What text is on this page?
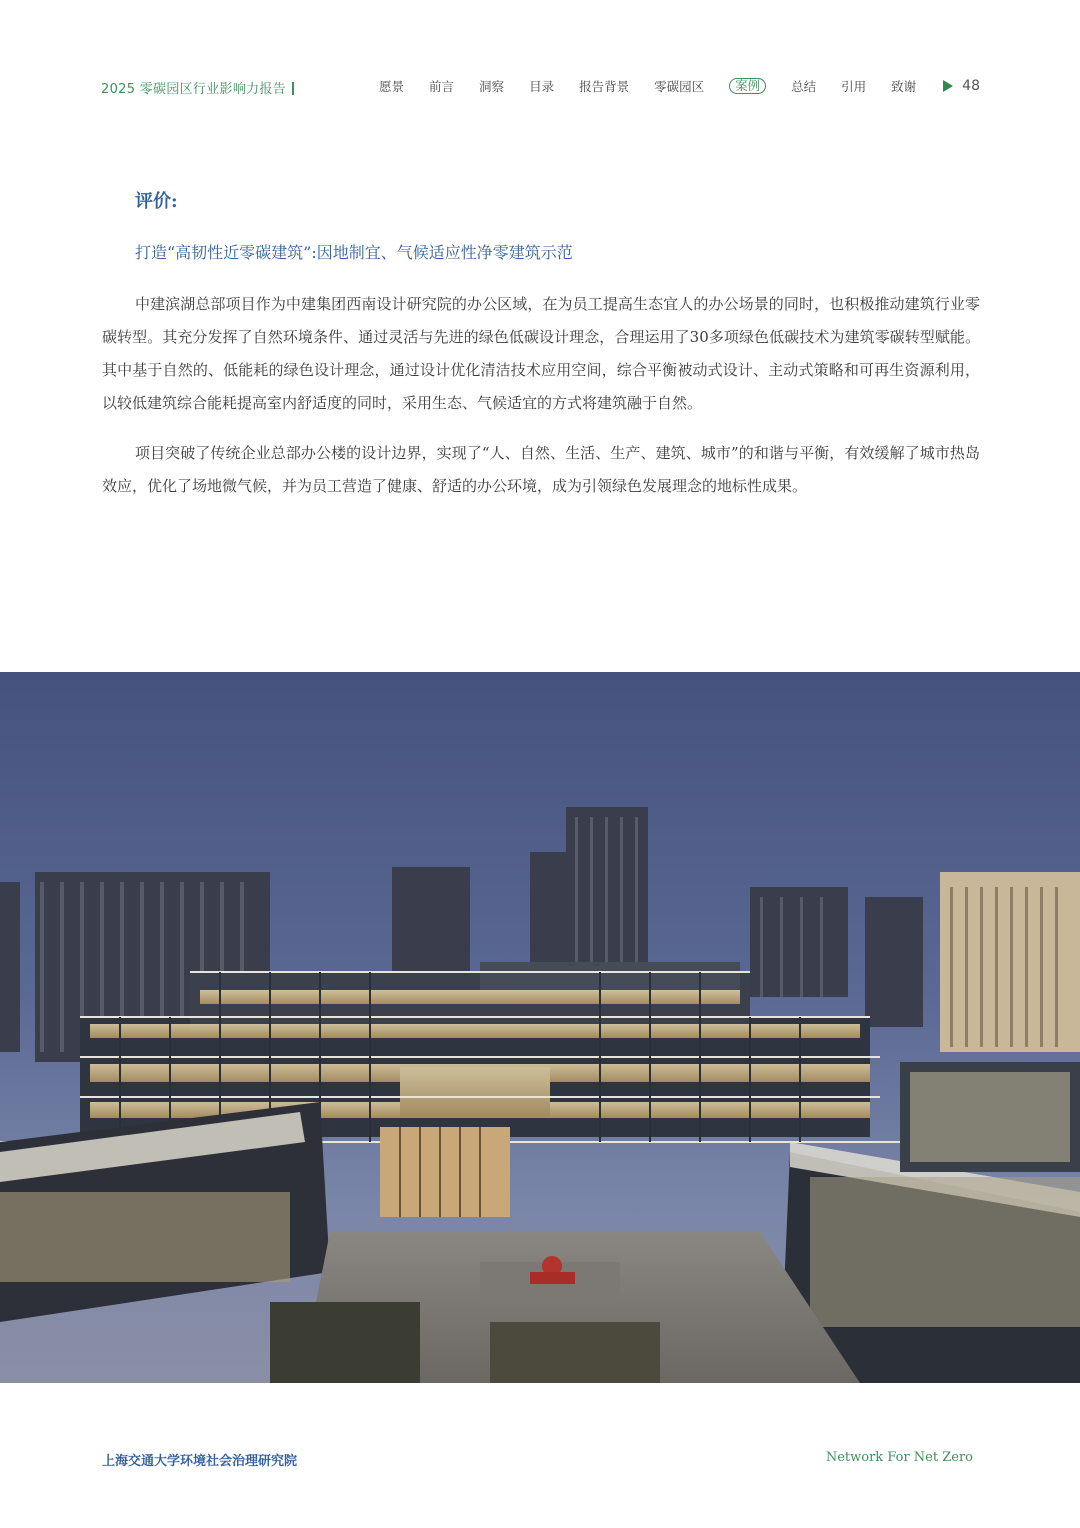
2025 零碳园区行业影响力报告	愿景 前言 洞察 目录 报告背景 零碳园区	案例	总结 引用 致谢	48
评价:
打造“高韧性近零碳建筑”:因地制宜、气候适应性净零建筑示范

中建滨湖总部项目作为中建集团西南设计研究院的办公区域，在为员工提高生态宜人的办公场景的同时，也积极推动建筑行业零碳转型。其充分发挥了自然环境条件、通过灵活与先进的绿色低碳设计理念，合理运用了30多项绿色低碳技术为建筑零碳转型赋能。其中基于自然的、低能耗的绿色设计理念，通过设计优化清洁技术应用空间，综合平衡被动式设计、主动式策略和可再生资源利用，以较低建筑综合能耗提高室内舒适度的同时，采用生态、气候适宜的方式将建筑融于自然。

项目突破了传统企业总部办公楼的设计边界，实现了“人、自然、生活、生产、建筑、城市”的和谐与平衡，有效缓解了城市热岛效应，优化了场地微气候，并为员工营造了健康、舒适的办公环境，成为引领绿色发展理念的地标性成果。

上海交通大学环境社会治理研究院	Network For Net Zero
